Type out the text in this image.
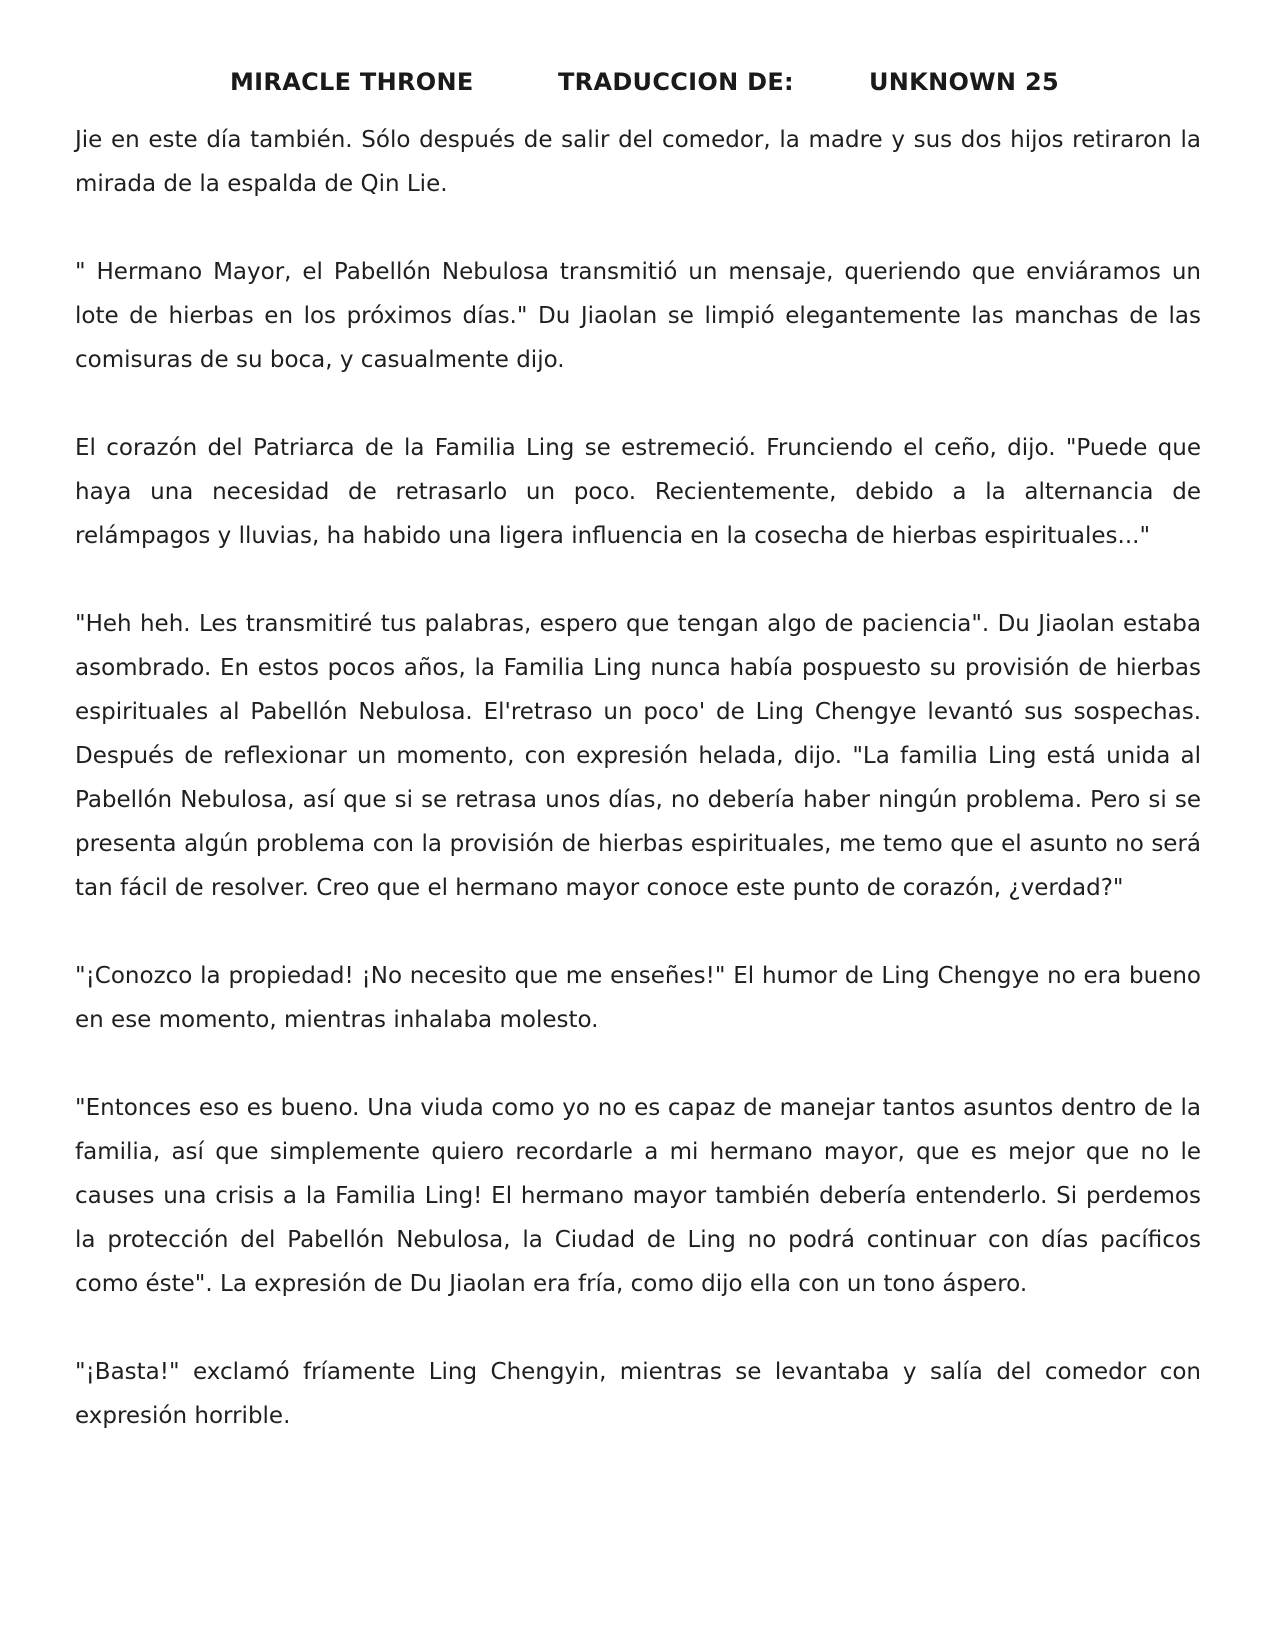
MIRACLE THRONE	TRADUCCION DE:	UNKNOWN 25

Jie en este día también. Sólo después de salir del comedor, la madre y sus dos hijos retiraron la mirada de la espalda de Qin Lie.

" Hermano Mayor, el Pabellón Nebulosa transmitió un mensaje, queriendo que enviáramos un lote de hierbas en los próximos días." Du Jiaolan se limpió elegantemente las manchas de las comisuras de su boca, y casualmente dijo.

El corazón del Patriarca de la Familia Ling se estremeció. Frunciendo el ceño, dijo. "Puede que haya una necesidad de retrasarlo un poco. Recientemente, debido a la alternancia de relámpagos y lluvias, ha habido una ligera influencia en la cosecha de hierbas espirituales..."

"Heh heh. Les transmitiré tus palabras, espero que tengan algo de paciencia". Du Jiaolan estaba asombrado. En estos pocos años, la Familia Ling nunca había pospuesto su provisión de hierbas espirituales al Pabellón Nebulosa. El'retraso un poco' de Ling Chengye levantó sus sospechas. Después de reflexionar un momento, con expresión helada, dijo. "La familia Ling está unida al Pabellón Nebulosa, así que si se retrasa unos días, no debería haber ningún problema. Pero si se presenta algún problema con la provisión de hierbas espirituales, me temo que el asunto no será tan fácil de resolver. Creo que el hermano mayor conoce este punto de corazón, ¿verdad?"

"¡Conozco la propiedad! ¡No necesito que me enseñes!" El humor de Ling Chengye no era bueno en ese momento, mientras inhalaba molesto.

"Entonces eso es bueno. Una viuda como yo no es capaz de manejar tantos asuntos dentro de la familia, así que simplemente quiero recordarle a mi hermano mayor, que es mejor que no le causes una crisis a la Familia Ling! El hermano mayor también debería entenderlo. Si perdemos la protección del Pabellón Nebulosa, la Ciudad de Ling no podrá continuar con días pacíficos como éste". La expresión de Du Jiaolan era fría, como dijo ella con un tono áspero.

"¡Basta!" exclamó fríamente Ling Chengyin, mientras se levantaba y salía del comedor con expresión horrible.
